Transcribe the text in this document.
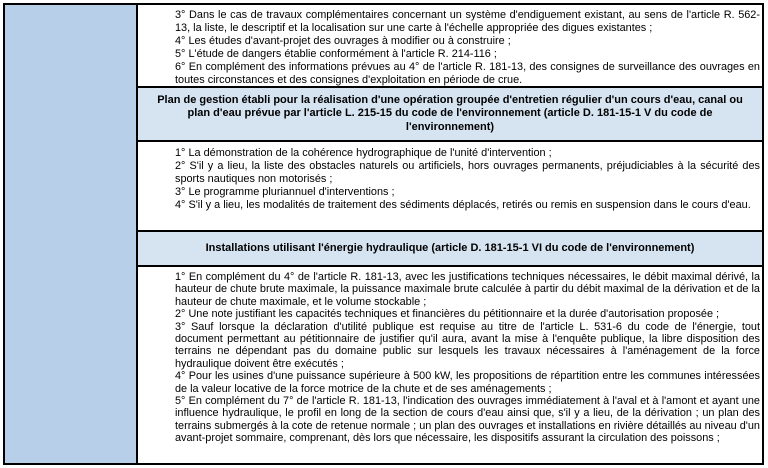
3° Dans le cas de travaux complémentaires concernant un système d'endiguement existant, au sens de l'article R. 562-13, la liste, le descriptif et la localisation sur une carte à l'échelle appropriée des digues existantes ;

4° Les études d'avant-projet des ouvrages à modifier ou à construire ;

5° L'étude de dangers établie conformément à l'article R. 214-116 ;

6° En complément des informations prévues au 4° de l'article R. 181-13, des consignes de surveillance des ouvrages en toutes circonstances et des consignes d'exploitation en période de crue.

Plan de gestion établi pour la réalisation d'une opération groupée d'entretien régulier d'un cours d'eau, canal ou plan d'eau prévue par l'article L. 215-15 du code de l'environnement (article D. 181-15-1 V du code de l'environnement)

1° La démonstration de la cohérence hydrographique de l'unité d'intervention ;

2° S'il y a lieu, la liste des obstacles naturels ou artificiels, hors ouvrages permanents, préjudiciables à la sécurité des sports nautiques non motorisés ;

3° Le programme pluriannuel d'interventions ;

4° S'il y a lieu, les modalités de traitement des sédiments déplacés, retirés ou remis en suspension dans le cours d'eau.

Installations utilisant l'énergie hydraulique (article D. 181-15-1 VI du code de l'environnement)

1° En complément du 4° de l'article R. 181-13, avec les justifications techniques nécessaires, le débit maximal dérivé, la hauteur de chute brute maximale, la puissance maximale brute calculée à partir du débit maximal de la dérivation et de la hauteur de chute maximale, et le volume stockable ;

2° Une note justifiant les capacités techniques et financières du pétitionnaire et la durée d'autorisation proposée ;

3° Sauf lorsque la déclaration d'utilité publique est requise au titre de l'article L. 531-6 du code de l'énergie, tout document permettant au pétitionnaire de justifier qu'il aura, avant la mise à l'enquête publique, la libre disposition des terrains ne dépendant pas du domaine public sur lesquels les travaux nécessaires à l'aménagement de la force hydraulique doivent être exécutés ;

4° Pour les usines d'une puissance supérieure à 500 kW, les propositions de répartition entre les communes intéressées de la valeur locative de la force motrice de la chute et de ses aménagements ;

5° En complément du 7° de l'article R. 181-13, l'indication des ouvrages immédiatement à l'aval et à l'amont et ayant une influence hydraulique, le profil en long de la section de cours d'eau ainsi que, s'il y a lieu, de la dérivation ; un plan des terrains submergés à la cote de retenue normale ; un plan des ouvrages et installations en rivière détaillés au niveau d'un avant-projet sommaire, comprenant, dès lors que nécessaire, les dispositifs assurant la circulation des poissons ;
